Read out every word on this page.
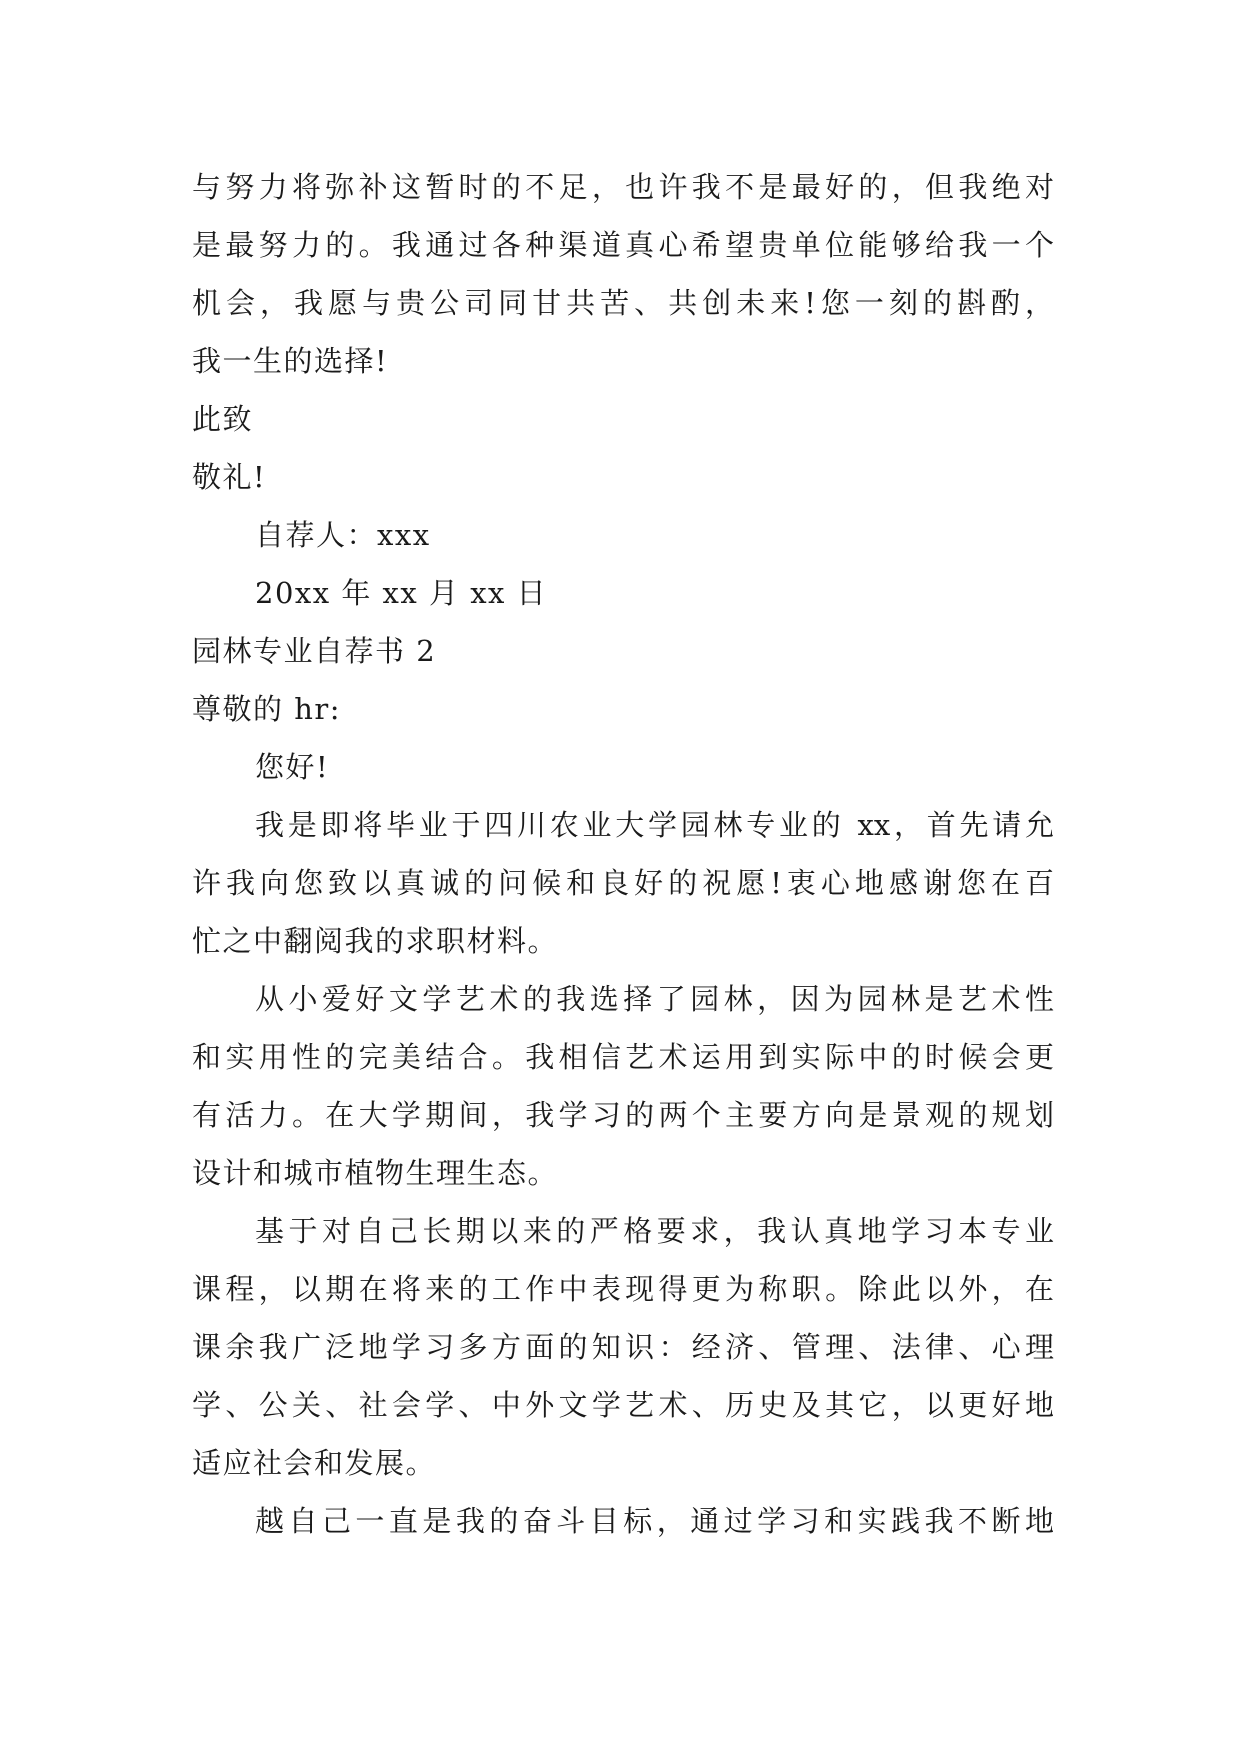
与努力将弥补这暂时的不足，也许我不是最好的，但我绝对
是最努力的。我通过各种渠道真心希望贵单位能够给我一个
机会，我愿与贵公司同甘共苦、共创未来!您一刻的斟酌，
我一生的选择!
此致
敬礼!
自荐人：xxx
20xx 年 xx 月 xx 日
园林专业自荐书 2
尊敬的 hr:
您好!
我是即将毕业于四川农业大学园林专业的 xx，首先请允
许我向您致以真诚的问候和良好的祝愿!衷心地感谢您在百
忙之中翻阅我的求职材料。
从小爱好文学艺术的我选择了园林，因为园林是艺术性
和实用性的完美结合。我相信艺术运用到实际中的时候会更
有活力。在大学期间，我学习的两个主要方向是景观的规划
设计和城市植物生理生态。
基于对自己长期以来的严格要求，我认真地学习本专业
课程，以期在将来的工作中表现得更为称职。除此以外，在
课余我广泛地学习多方面的知识：经济、管理、法律、心理
学、公关、社会学、中外文学艺术、历史及其它，以更好地
适应社会和发展。
越自己一直是我的奋斗目标，通过学习和实践我不断地
